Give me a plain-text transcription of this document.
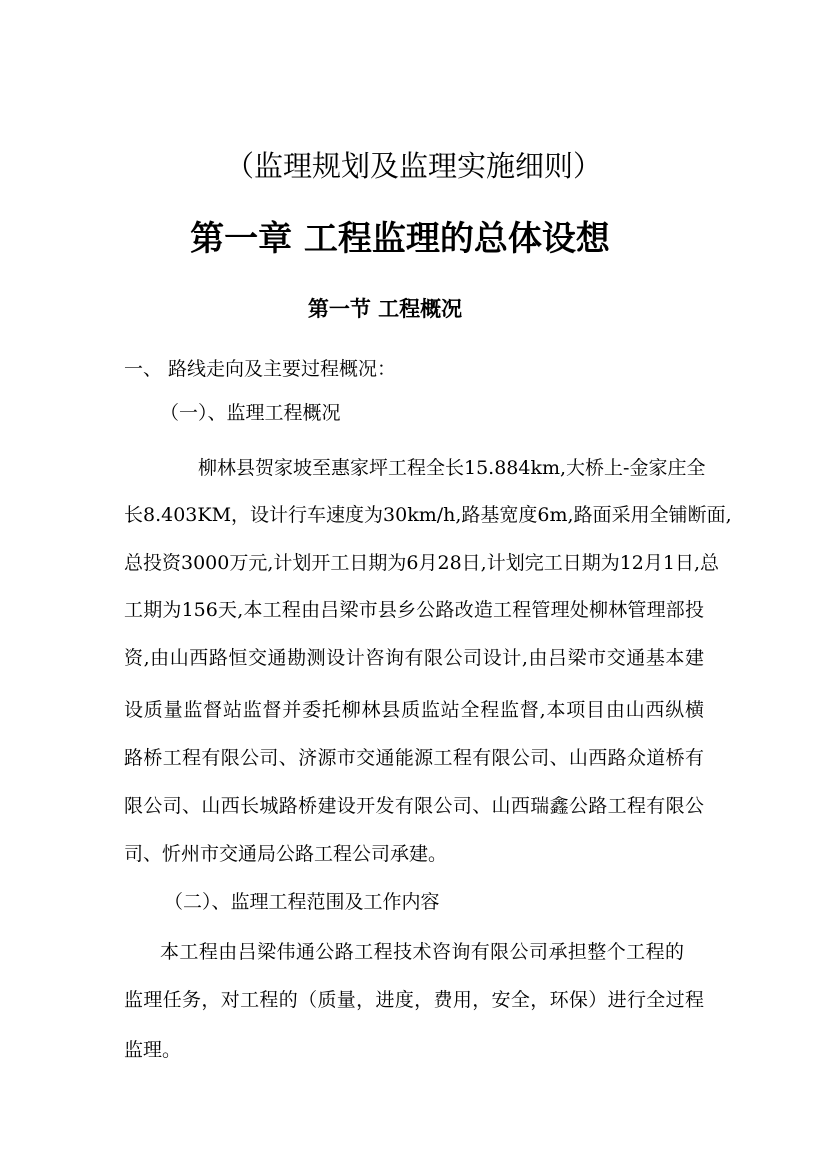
（监理规划及监理实施细则）
第一章 工程监理的总体设想
第一节 工程概况
一、 路线走向及主要过程概况：
（一）、监理工程概况
柳林县贺家坡至惠家坪工程全长15.884km,大桥上-金家庄全
长8.403KM，设计行车速度为30km/h,路基宽度6m,路面采用全铺断面,
总投资3000万元,计划开工日期为6月28日,计划完工日期为12月1日,总
工期为156天,本工程由吕梁市县乡公路改造工程管理处柳林管理部投
资,由山西路恒交通勘测设计咨询有限公司设计,由吕梁市交通基本建
设质量监督站监督并委托柳林县质监站全程监督,本项目由山西纵横
路桥工程有限公司、济源市交通能源工程有限公司、山西路众道桥有
限公司、山西长城路桥建设开发有限公司、山西瑞鑫公路工程有限公
司、忻州市交通局公路工程公司承建。
（二）、监理工程范围及工作内容
本工程由吕梁伟通公路工程技术咨询有限公司承担整个工程的
监理任务，对工程的（质量，进度，费用，安全，环保）进行全过程
监理。
